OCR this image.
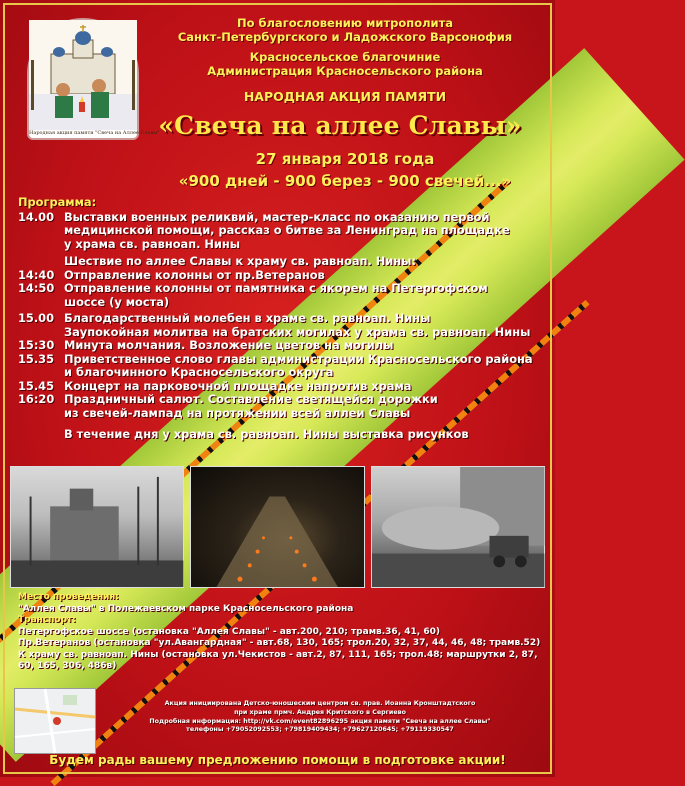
Народная акция памяти "Свеча на Аллее Славы"
По благословению митрополита
Санкт-Петербургского и Ладожского Варсонофия
Красносельское благочиние
Администрация Красносельского района
НАРОДНАЯ АКЦИЯ ПАМЯТИ
«Свеча на аллее Славы»
27 января 2018 года
«900 дней - 900 берез - 900 свечей...»
Программа:
14.00 Выставки военных реликвий, мастер-класс по оказанию первой
медицинской помощи, рассказ о битве за Ленинград на площадке
у храма св. равноап. Нины
Шествие по аллее Славы к храму св. равноап. Нины:
14:40 Отправление колонны от пр.Ветеранов
14:50 Отправление колонны от памятника с якорем на Петергофском
шоссе (у моста)
15.00 Благодарственный молебен в храме св. равноап. Нины
Заупокойная молитва на братских могилах у храма св. равноап. Нины
15:30 Минута молчания. Возложение цветов на могилы
15.35 Приветственное слово главы администрации Красносельского района
и благочинного Красносельского округа
15.45 Концерт на парковочной площадке напротив храма
16:20 Праздничный салют. Составление светящейся дорожки
из свечей-лампад на протяжении всей аллеи Славы
В течение дня у храма св. равноап. Нины выставка рисунков
Место проведения:
"Аллея Славы" в Полежаевском парке Красносельского района
Транспорт:
Петергофское шоссе (остановка "Аллея Славы" - авт.200, 210; трамв.36, 41, 60)
Пр.Ветеранов (остановка "ул.Авангардная" - авт.68, 130, 165; трол.20, 32, 37, 44, 46, 48; трамв.52)
К храму св. равноап. Нины (остановка ул.Чекистов - авт.2, 87, 111, 165; трол.48; маршрутки 2, 87,
60, 165, 306, 486в)
Акция инициирована Детско-юношеским центром св. прав. Иоанна Кронштадтского
при храме прмч. Андрея Критского в Сергиево
Подробная информация: http://vk.com/event82896295 акция памяти "Свеча на аллее Славы"
телефоны +79052092553; +79819409434; +79627120645; +79119330547
Будем рады вашему предложению помощи в подготовке акции!
